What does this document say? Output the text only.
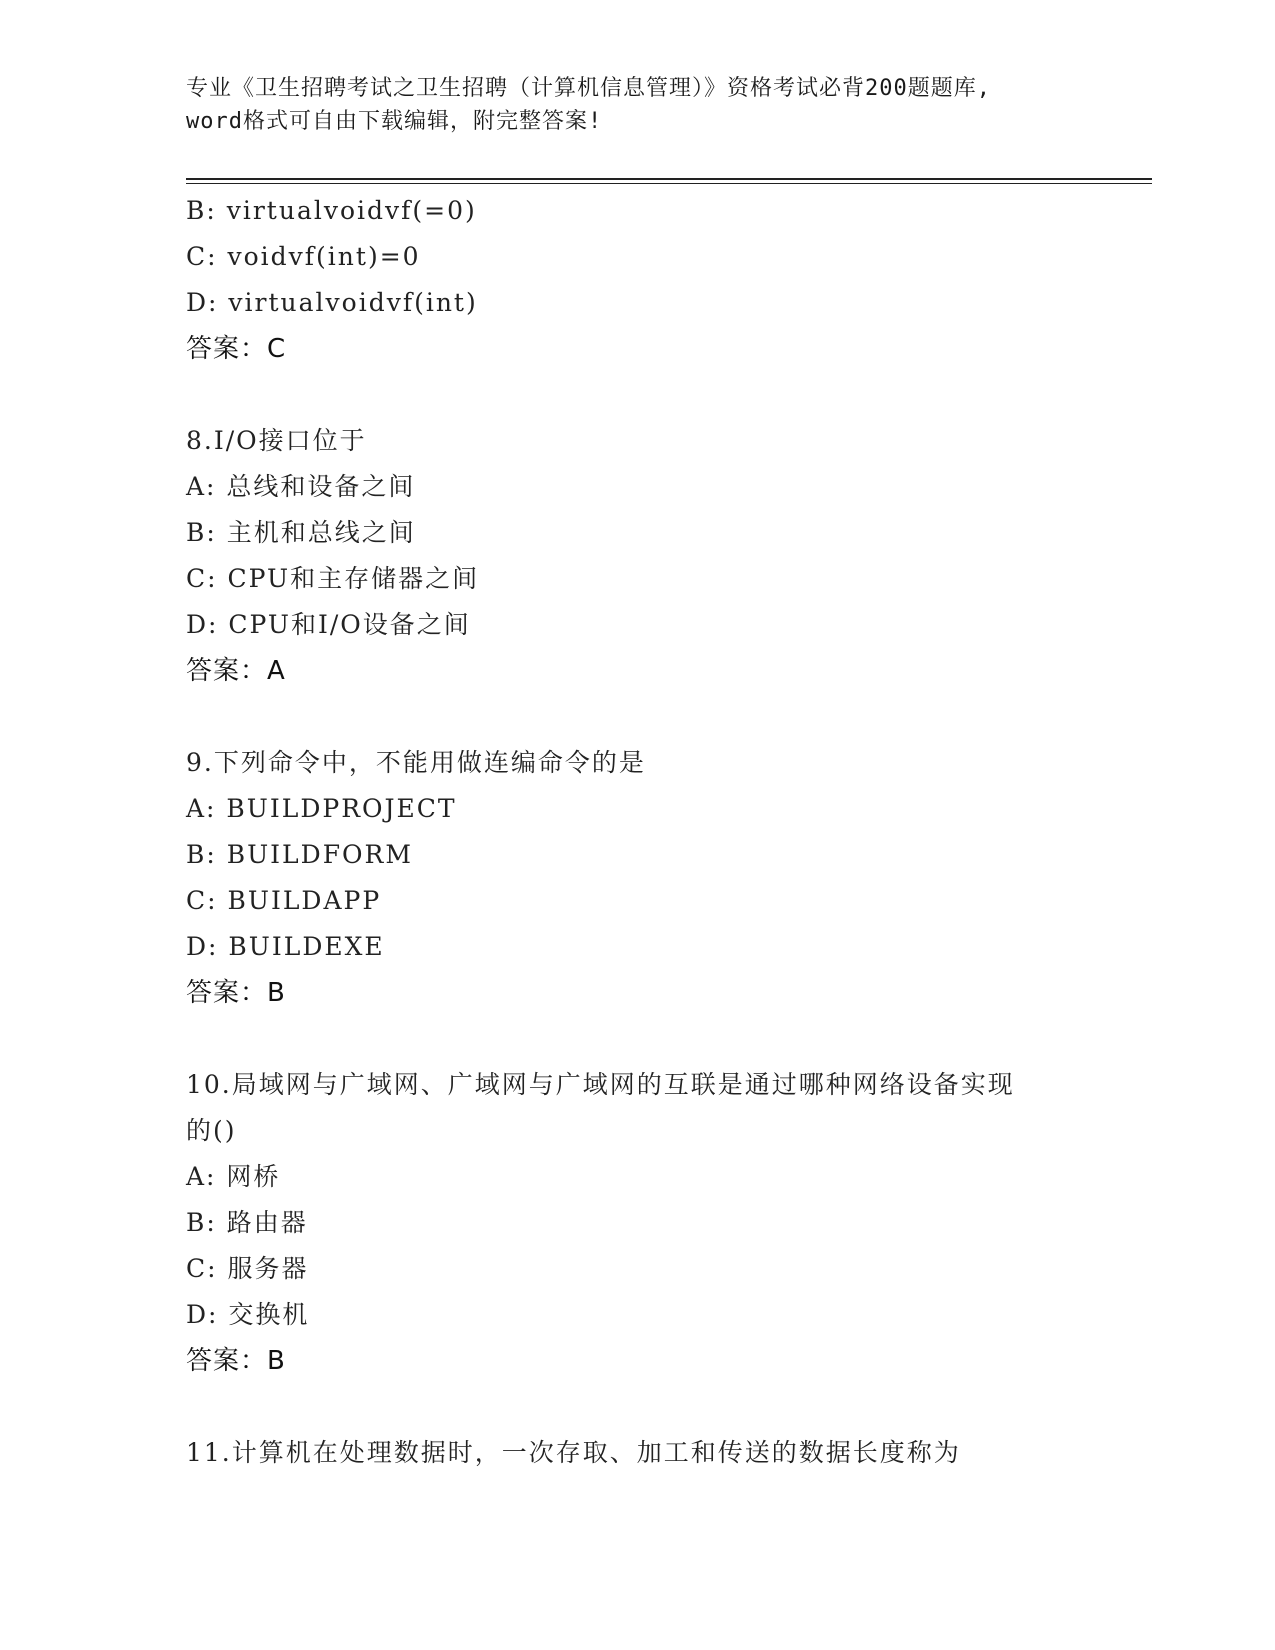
专业《卫生招聘考试之卫生招聘（计算机信息管理）》资格考试必背200题题库,
word格式可自由下载编辑，附完整答案!
B: virtualvoidvf(=0)
C: voidvf(int)=0
D: virtualvoidvf(int)
答案：C
8.I/O接口位于
A: 总线和设备之间
B: 主机和总线之间
C: CPU和主存储器之间
D: CPU和I/O设备之间
答案：A
9.下列命令中，不能用做连编命令的是
A: BUILDPROJECT
B: BUILDFORM
C: BUILDAPP
D: BUILDEXE
答案：B
10.局域网与广域网、广域网与广域网的互联是通过哪种网络设备实现
的()
A: 网桥
B: 路由器
C: 服务器
D: 交换机
答案：B
11.计算机在处理数据时，一次存取、加工和传送的数据长度称为
